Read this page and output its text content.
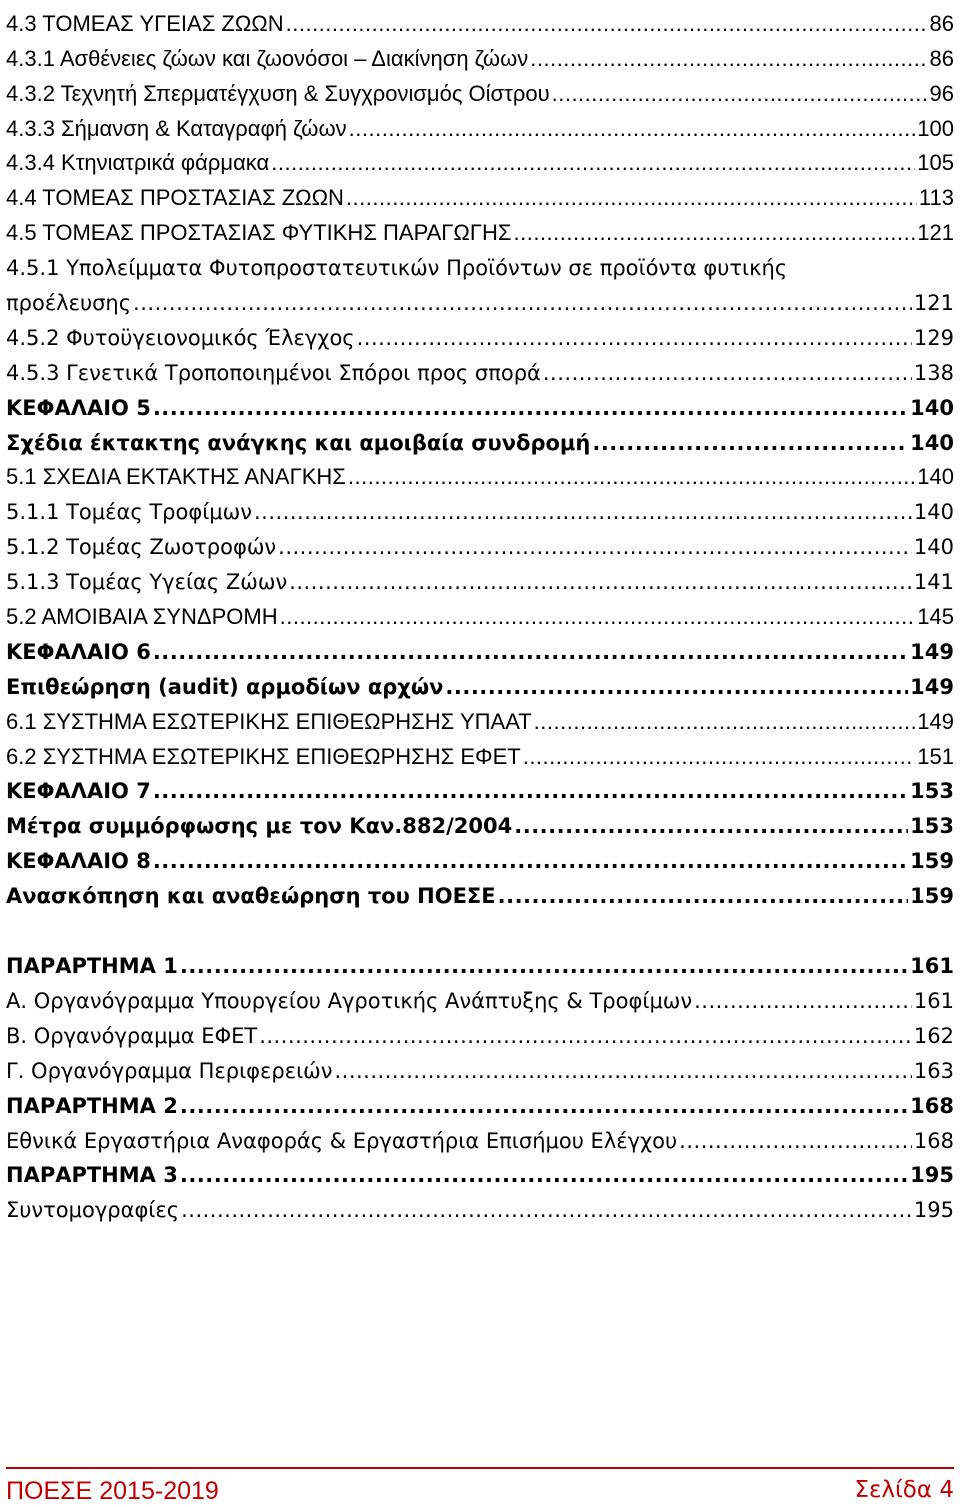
4.3 ΤΟΜΕΑΣ ΥΓΕΙΑΣ ΖΩΩΝ .....	86
4.3.1 Ασθένειες ζώων και ζωονόσοι – Διακίνηση ζώων .....	86
4.3.2 Τεχνητή Σπερματέγχυση & Συγχρονισμός Οίστρου .....	96
4.3.3 Σήμανση & Καταγραφή ζώων .....	100
4.3.4 Κτηνιατρικά φάρμακα .....	105
4.4 ΤΟΜΕΑΣ ΠΡΟΣΤΑΣΙΑΣ ΖΩΩΝ .....	113
4.5 ΤΟΜΕΑΣ ΠΡΟΣΤΑΣΙΑΣ ΦΥΤΙΚΗΣ ΠΑΡΑΓΩΓΗΣ .....	121
4.5.1 Υπολείμματα Φυτοπροστατευτικών Προϊόντων σε προϊόντα φυτικής
προέλευσης .....	121
4.5.2 Φυτοϋγειονομικός Έλεγχος .....	129
4.5.3 Γενετικά Τροποποιημένοι Σπόροι προς σπορά .....	138
ΚΕΦΑΛΑΙΟ 5 .....	140
Σχέδια έκτακτης ανάγκης και αμοιβαία συνδρομή .....	140
5.1 ΣΧΕΔΙΑ ΕΚΤΑΚΤΗΣ ΑΝΑΓΚΗΣ .....	140
5.1.1 Τομέας Τροφίμων .....	140
5.1.2 Τομέας Ζωοτροφών .....	140
5.1.3 Τομέας Υγείας Ζώων .....	141
5.2 ΑΜΟΙΒΑΙΑ ΣΥΝΔΡΟΜΗ .....	145
ΚΕΦΑΛΑΙΟ 6 .....	149
Επιθεώρηση (audit) αρμοδίων αρχών .....	149
6.1 ΣΥΣΤΗΜΑ ΕΣΩΤΕΡΙΚΗΣ ΕΠΙΘΕΩΡΗΣΗΣ ΥΠΑΑΤ .....	149
6.2 ΣΥΣΤΗΜΑ ΕΣΩΤΕΡΙΚΗΣ ΕΠΙΘΕΩΡΗΣΗΣ ΕΦΕΤ .....	151
ΚΕΦΑΛΑΙΟ 7 .....	153
Μέτρα συμμόρφωσης με τον Καν.882/2004 .....	153
ΚΕΦΑΛΑΙΟ 8 .....	159
Ανασκόπηση και αναθεώρηση του ΠΟΕΣΕ .....	159
ΠΑΡΑΡΤΗΜΑ 1 .....	161
Α. Οργανόγραμμα Υπουργείου Αγροτικής Ανάπτυξης & Τροφίμων .....	161
Β. Οργανόγραμμα ΕΦΕΤ .....	162
Γ. Οργανόγραμμα Περιφερειών .....	163
ΠΑΡΑΡΤΗΜΑ 2 .....	168
Εθνικά Εργαστήρια Αναφοράς & Εργαστήρια Επισήμου Ελέγχου .....	168
ΠΑΡΑΡΤΗΜΑ 3 .....	195
Συντομογραφίες .....	195
ΠΟΕΣΕ 2015-2019	Σελίδα 4
